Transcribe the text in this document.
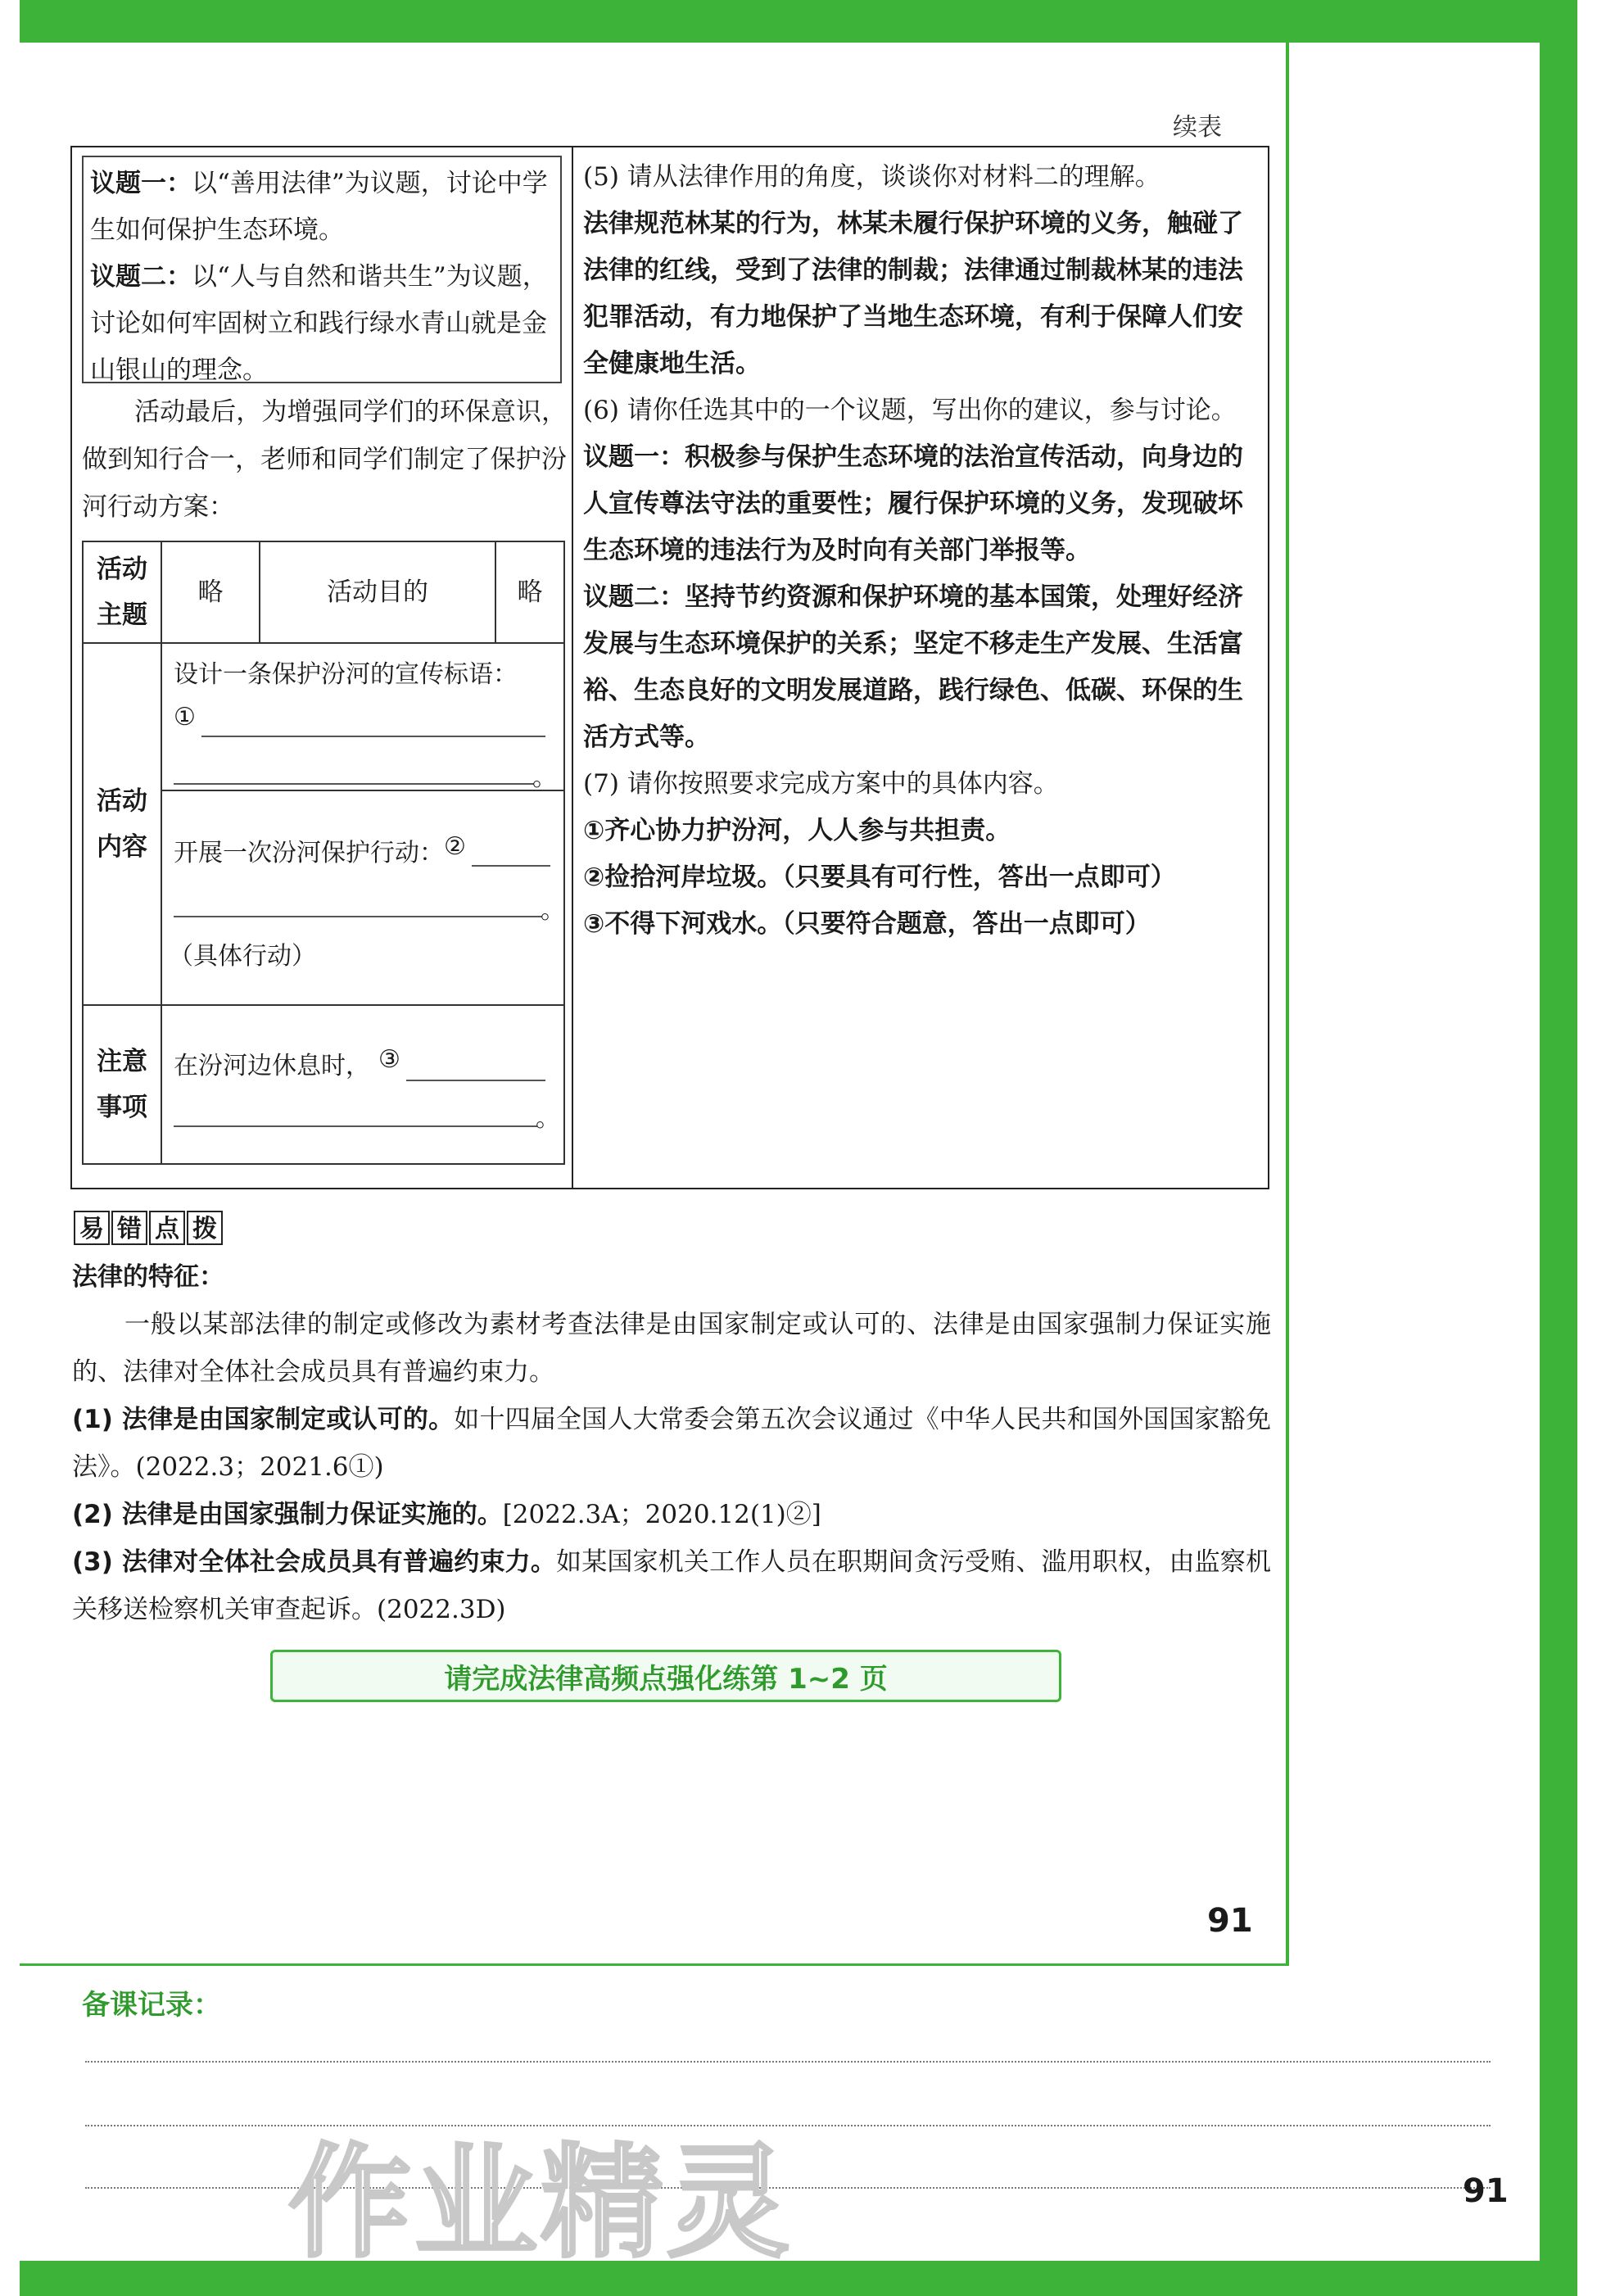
续表
议题一：以“善用法律”为议题，讨论中学生如何保护生态环境。
议题二：以“人与自然和谐共生”为议题，讨论如何牢固树立和践行绿水青山就是金山银山的理念。
活动最后，为增强同学们的环保意识，做到知行合一，老师和同学们制定了保护汾河行动方案：
活动主题
略	活动目的	略
活动内容
设计一条保护汾河的宣传标语：
①
。
开展一次汾河保护行动： ②
。
（具体行动）
注意事项
在汾河边休息时， ③
。

(5) 请从法律作用的角度，谈谈你对材料二的理解。

法律规范林某的行为，林某未履行保护环境的义务，触碰了法律的红线，受到了法律的制裁；法律通过制裁林某的违法犯罪活动，有力地保护了当地生态环境，有利于保障人们安全健康地生活。

(6) 请你任选其中的一个议题，写出你的建议，参与讨论。

议题一：积极参与保护生态环境的法治宣传活动，向身边的人宣传尊法守法的重要性；履行保护环境的义务，发现破坏生态环境的违法行为及时向有关部门举报等。

议题二：坚持节约资源和保护环境的基本国策，处理好经济发展与生态环境保护的关系；坚定不移走生产发展、生活富裕、生态良好的文明发展道路，践行绿色、低碳、环保的生活方式等。

(7) 请你按照要求完成方案中的具体内容。

①齐心协力护汾河，人人参与共担责。

②捡拾河岸垃圾。（只要具有可行性，答出一点即可）

③不得下河戏水。（只要符合题意，答出一点即可）

易 错 点 拨
法律的特征：
一般以某部法律的制定或修改为素材考查法律是由国家制定或认可的、法律是由国家强制力保证实施的、法律对全体社会成员具有普遍约束力。
(1) 法律是由国家制定或认可的。如十四届全国人大常委会第五次会议通过《中华人民共和国外国国家豁免法》。(2022.3；2021.6①)
(2) 法律是由国家强制力保证实施的。[2022.3A；2020.12(1)②]
(3) 法律对全体社会成员具有普遍约束力。如某国家机关工作人员在职期间贪污受贿、滥用职权，由监察机关移送检察机关审查起诉。(2022.3D)
请完成法律高频点强化练第 1~2 页
91
备课记录：
91
作业精灵
